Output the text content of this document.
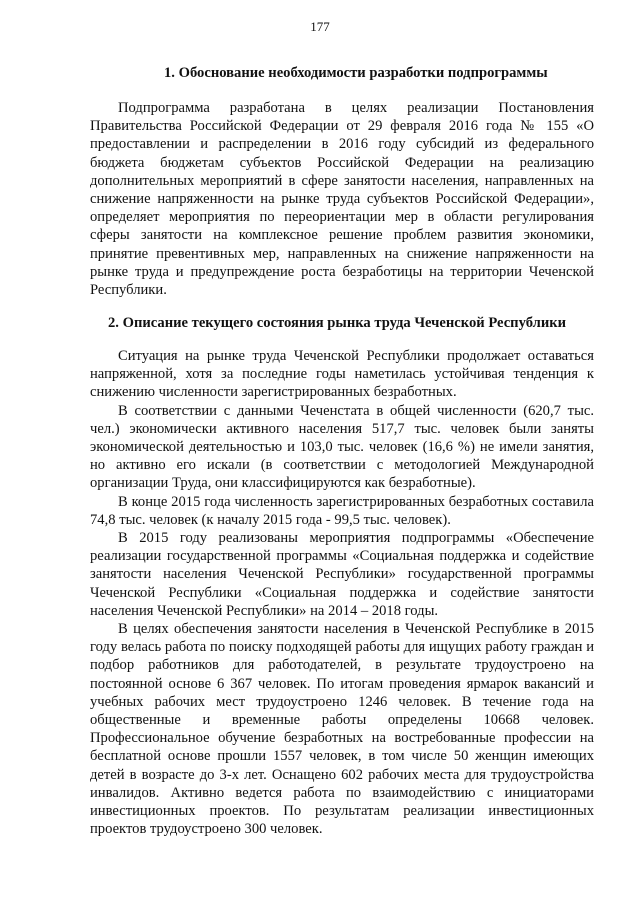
177
1. Обоснование необходимости разработки подпрограммы

Подпрограмма разработана в целях реализации Постановления Правительства Российской Федерации от 29 февраля 2016 года № 155 «О предоставлении и распределении в 2016 году субсидий из федерального бюджета бюджетам субъектов Российской Федерации на реализацию дополнительных мероприятий в сфере занятости населения, направленных на снижение напряженности на рынке труда субъектов Российской Федерации», определяет мероприятия по переориентации мер в области регулирования сферы занятости на комплексное решение проблем развития экономики, принятие превентивных мер, направленных на снижение напряженности на рынке труда и предупреждение роста безработицы на территории Чеченской Республики.

2. Описание текущего состояния рынка труда Чеченской Республики

Ситуация на рынке труда Чеченской Республики продолжает оставаться напряженной, хотя за последние годы наметилась устойчивая тенденция к снижению численности зарегистрированных безработных.

В соответствии с данными Чеченстата в общей численности (620,7 тыс. чел.) экономически активного населения 517,7 тыс. человек были заняты экономической деятельностью и 103,0 тыс. человек (16,6 %) не имели занятия, но активно его искали (в соответствии с методологией Международной организации Труда, они классифицируются как безработные).

В конце 2015 года численность зарегистрированных безработных составила 74,8 тыс. человек (к началу 2015 года - 99,5 тыс. человек).

В 2015 году реализованы мероприятия подпрограммы «Обеспечение реализации государственной программы «Социальная поддержка и содействие занятости населения Чеченской Республики» государственной программы Чеченской Республики «Социальная поддержка и содействие занятости населения Чеченской Республики» на 2014 – 2018 годы.

В целях обеспечения занятости населения в Чеченской Республике в 2015 году велась работа по поиску подходящей работы для ищущих работу граждан и подбор работников для работодателей, в результате трудоустроено на постоянной основе 6 367 человек. По итогам проведения ярмарок вакансий и учебных рабочих мест трудоустроено 1246 человек. В течение года на общественные и временные работы определены 10668 человек. Профессиональное обучение безработных на востребованные профессии на бесплатной основе прошли 1557 человек, в том числе 50 женщин имеющих детей в возрасте до 3-х лет. Оснащено 602 рабочих места для трудоустройства инвалидов. Активно ведется работа по взаимодействию с инициаторами инвестиционных проектов. По результатам реализации инвестиционных проектов трудоустроено 300 человек.
